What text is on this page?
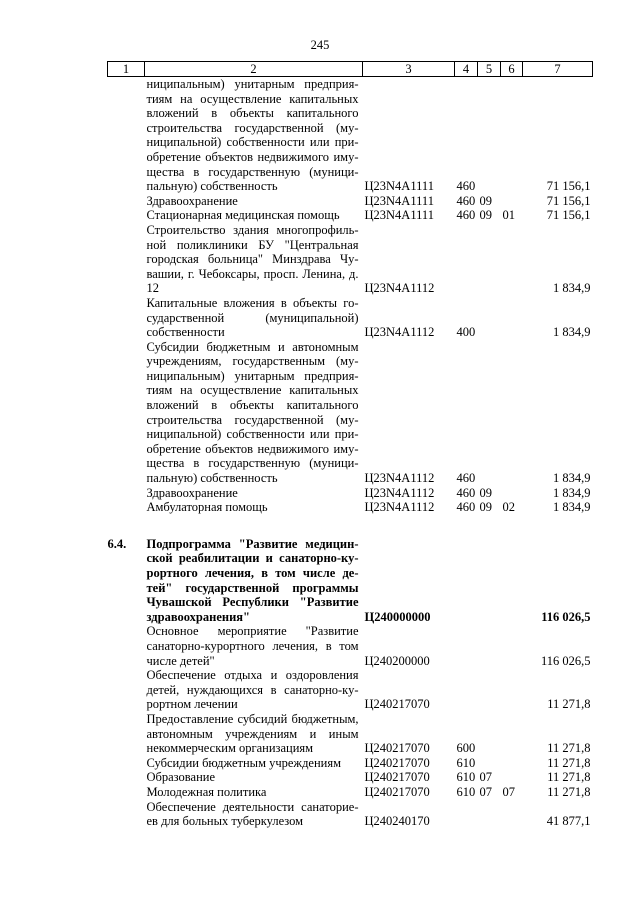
245
1	2	3	4	5	6	7
	ниципальным) унитарным предприя-тиям на осуществление капитальных вложений в объекты капитального строительства государственной (му-ниципальной) собственности или при-обретение объектов недвижимого иму-щества в государственную (муници-пальную) собственность	Ц23N4A1111	460			71 156,1
	Здравоохранение	Ц23N4A1111	460	09		71 156,1
	Стационарная медицинская помощь	Ц23N4A1111	460	09	01	71 156,1
	Строительство здания многопрофиль-ной поликлиники БУ "Центральная городская больница" Минздрава Чу-вашии, г. Чебоксары, просп. Ленина, д. 12	Ц23N4A1112				1 834,9
	Капитальные вложения в объекты го-сударственной (муниципальной) собственности	Ц23N4A1112	400			1 834,9
	Субсидии бюджетным и автономным учреждениям, государственным (му-ниципальным) унитарным предприя-тиям на осуществление капитальных вложений в объекты капитального строительства государственной (му-ниципальной) собственности или при-обретение объектов недвижимого иму-щества в государственную (муници-пальную) собственность	Ц23N4A1112	460			1 834,9
	Здравоохранение	Ц23N4A1112	460	09		1 834,9
	Амбулаторная помощь	Ц23N4A1112	460	09	02	1 834,9

6.4.	Подпрограмма "Развитие медицин-ской реабилитации и санаторно-ку-рортного лечения, в том числе де-тей" государственной программы Чувашской Республики "Развитие здравоохранения"	Ц240000000				116 026,5
	Основное мероприятие "Развитие санаторно-курортного лечения, в том числе детей"	Ц240200000				116 026,5
	Обеспечение отдыха и оздоровления детей, нуждающихся в санаторно-ку-рортном лечении	Ц240217070				11 271,8
	Предоставление субсидий бюджетным, автономным учреждениям и иным некоммерческим организациям	Ц240217070	600			11 271,8
	Субсидии бюджетным учреждениям	Ц240217070	610			11 271,8
	Образование	Ц240217070	610	07		11 271,8
	Молодежная политика	Ц240217070	610	07	07	11 271,8
	Обеспечение деятельности санаторие-ев для больных туберкулезом	Ц240240170				41 877,1
